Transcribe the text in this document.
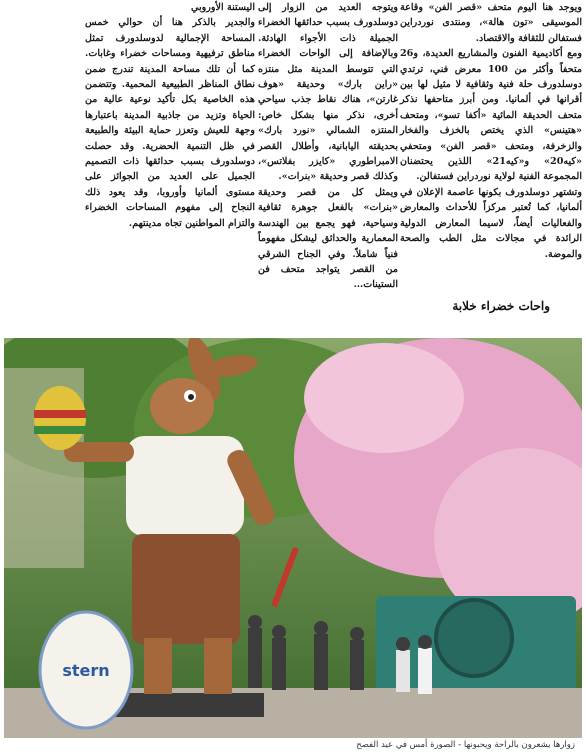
ويوجد هنا اليوم متحف «قصر الفن» وقاعة الموسيقى «تون هالة»، ومنتدى نوردراين فستفالن للثقافة والاقتصاد.

ومع أكاديمية الفنون والمشاريع العديدة، و26 متحفاً وأكثر من 100 معرض فني، ترتدي دوسلدورف حلة فنية وثقافية لا مثيل لها بين أقرانها في ألمانيا. ومن أبرز متاحفها نذكر متحف الحديقة المائية «أكفا تسو»، ومتحف «هتينس» الذي يختص بالخزف والفخار والزخرفة، ومتحف «قصر الفن» ومتحفي «كيه20» و«كيه21» اللذين يحتضنان المجموعة الفنية لولاية نوردراين فستفالن.

وتشتهر دوسلدورف بكونها عاصمة الإعلان في ألمانيا، كما تُعتبر مركزاً للأحداث والمعارض والفعاليات أيضاً، لاسيما المعارض الدولية الرائدة في مجالات مثل الطب والصحة والموضة.

ويتوجه العديد من الزوار إلى دوسلدورف بسبب حدائقها الخضراء الجميلة ذات الأجواء الهادئة. وبالإضافة إلى الواحات الخضراء التي تتوسط المدينة مثل منتزه «راين بارك» وحديقة «هوف غارتن»، هناك نقاط جذب سياحي أخرى، نذكر منها بشكل خاص: المنتزه الشمالي «نورد بارك» بحديقته اليابانية، وأطلال القصر الامبراطوري «كايزر بفلاتس»، وكذلك قصر وحديقة «بنرات».

ويمثل كل من قصر وحديقة «بنرات» بالفعل جوهرة ثقافية وسياحية، فهو يجمع بين الهندسة المعمارية والحدائق ليشكل مفهوماً فنياً شاملاً. وفي الجناح الشرقي من القصر يتواجد متحف فن الستينات…

اليستنة الأوروبي

والجدير بالذكر هنا أن حوالي خمس المساحة الإجمالية لدوسلدورف تمثل مناطق ترفيهية ومساحات خضراء وغابات. كما أن تلك مساحة المدينة تندرج ضمن نطاق المناظر الطبيعية المحمية. وتتضمن هذه الخاصية بكل تأكيد نوعية عالية من الحياة وتزيد من جاذبية المدينة باعتبارها وجهة للعيش وتعزز حماية البيئة والطبيعة في ظل التنمية الحضرية. وقد حصلت دوسلدورف بسبب حدائقها ذات التصميم الجميل على العديد من الجوائز على مستوى ألمانيا وأوروبا، وقد يعود ذلك النجاح إلى مفهوم المساحات الخضراء والتزام المواطنين تجاه مدينتهم.

واحات خضراء خلابة
stern
زوارها يشعرون بالراحة ويحبونها - الصورة أمس في عيد الفصح
